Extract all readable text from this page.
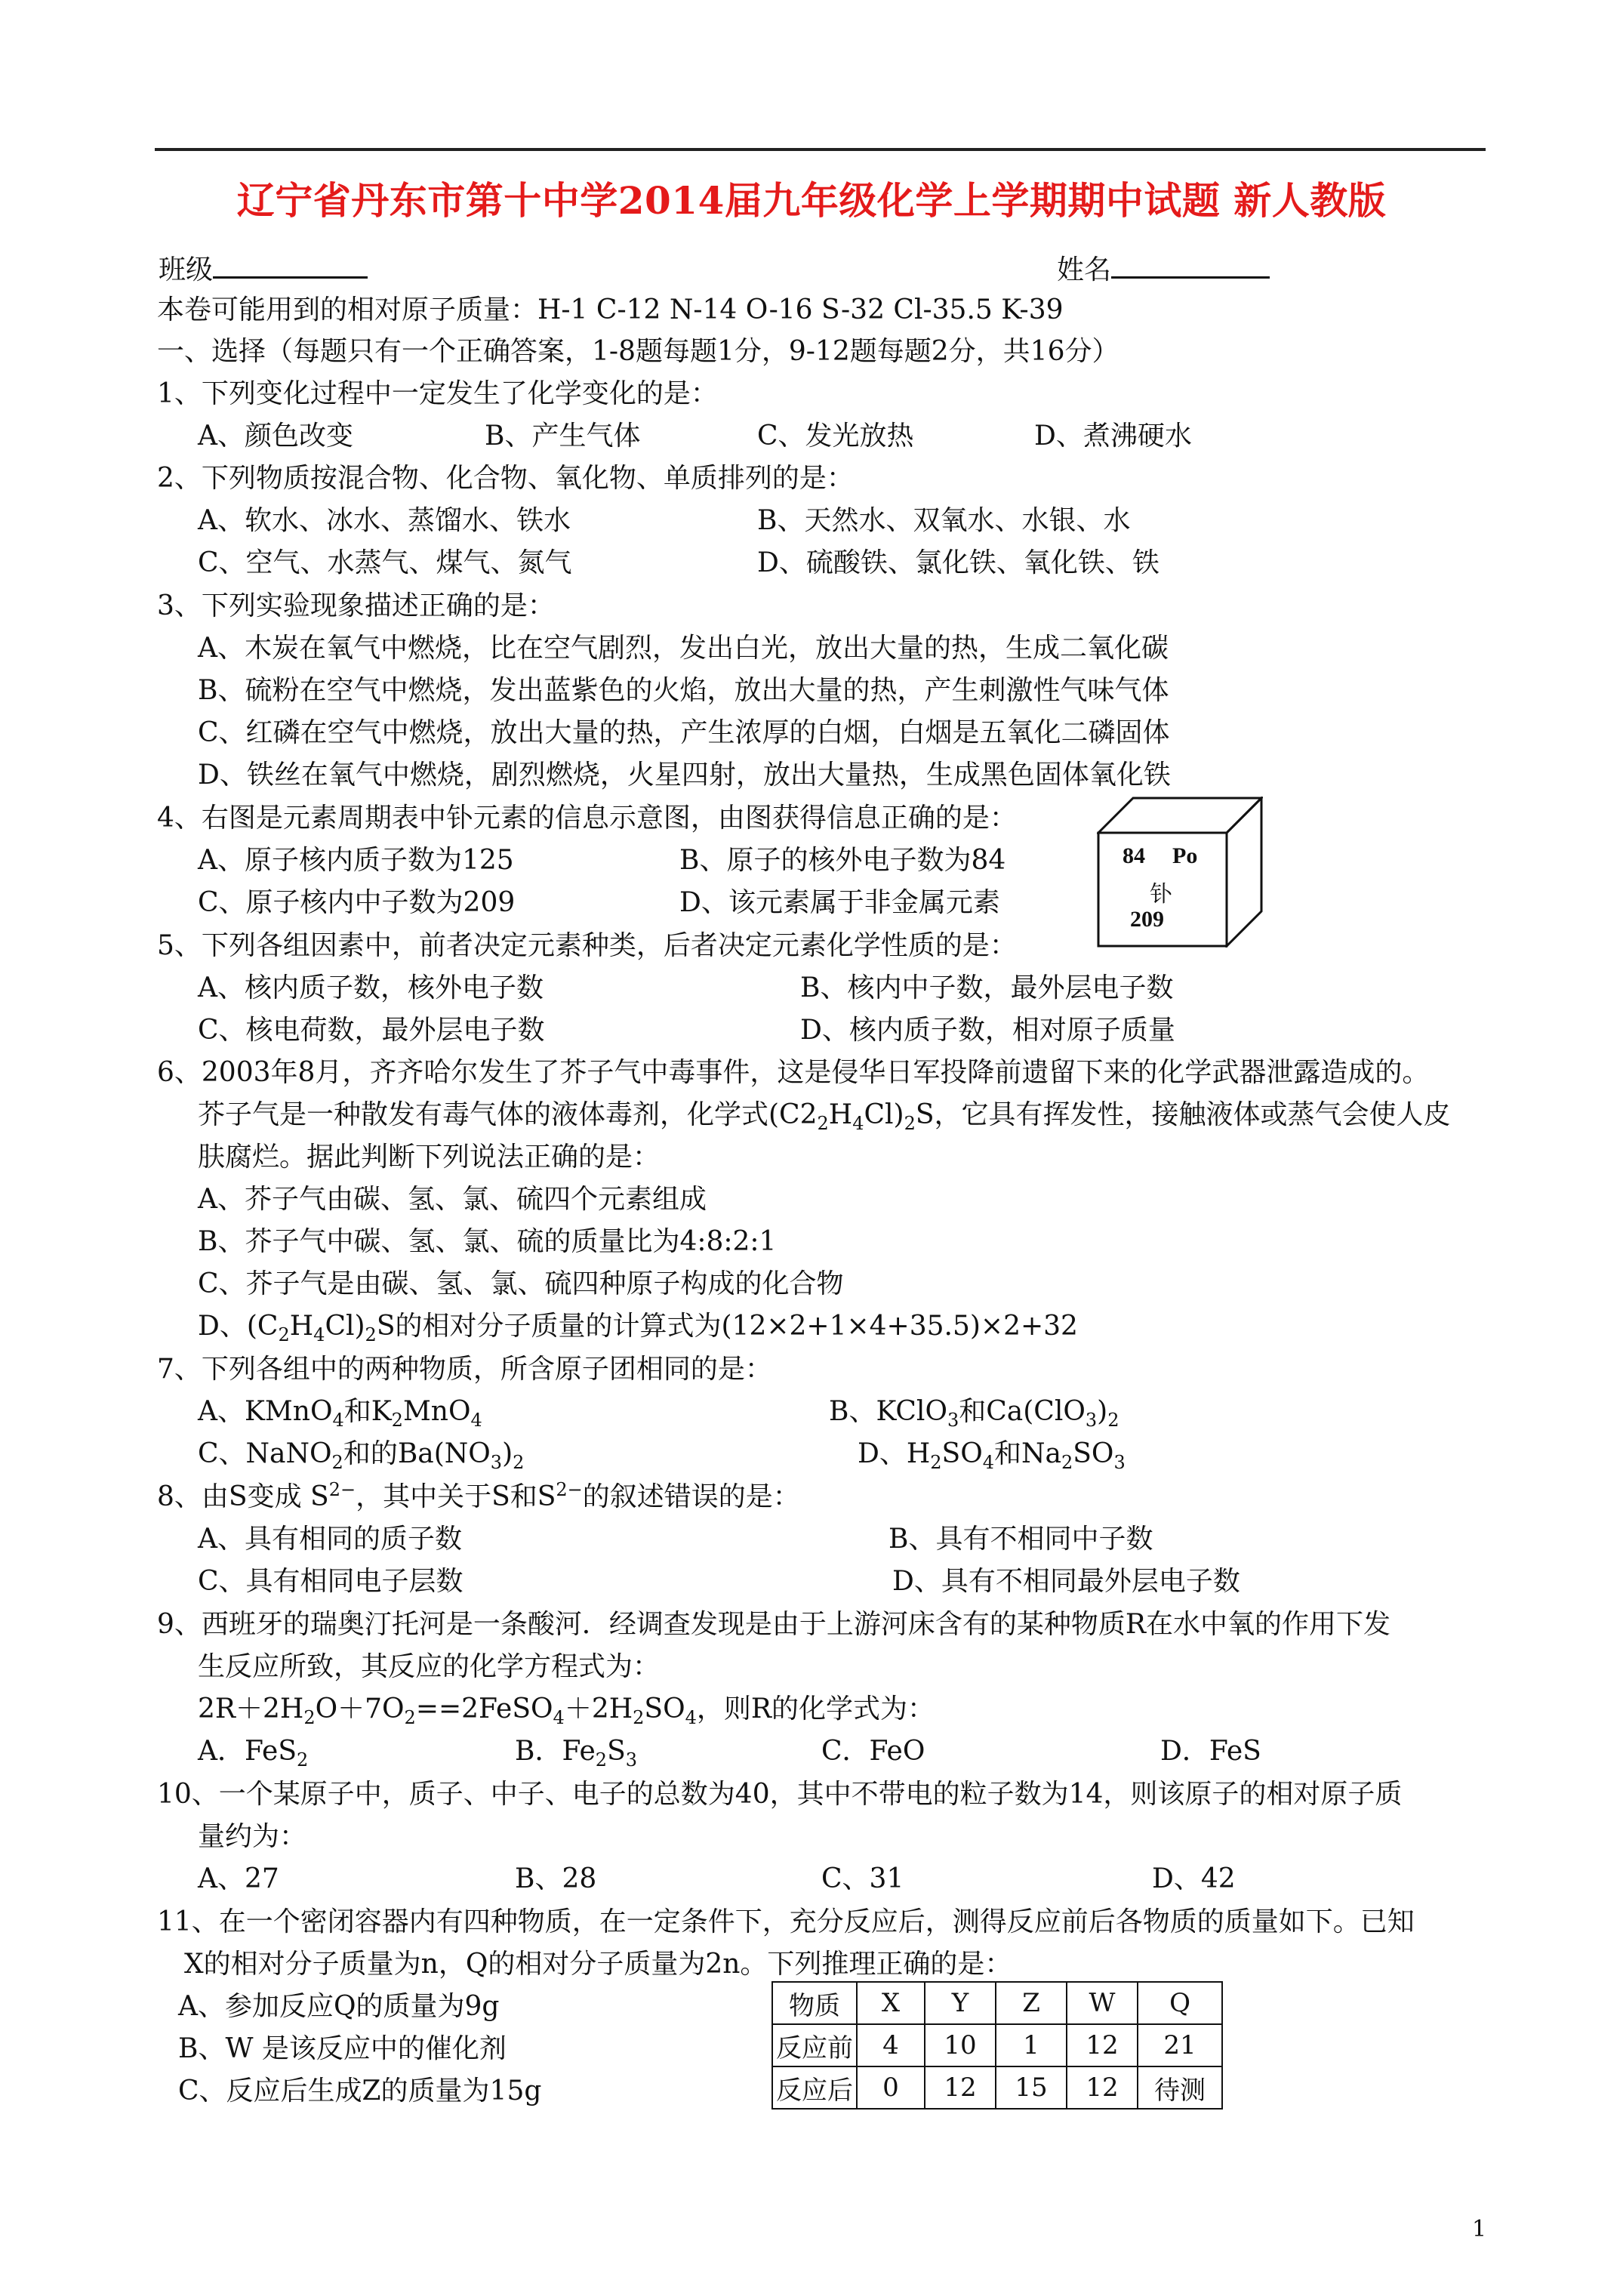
辽宁省丹东市第十中学2014届九年级化学上学期期中试题 新人教版
班级	姓名
本卷可能用到的相对原子质量：H-1 C-12 N-14 O-16 S-32 Cl-35.5 K-39
一、选择（每题只有一个正确答案，1-8题每题1分，9-12题每题2分，共16分）
1、下列变化过程中一定发生了化学变化的是：
A、颜色改变	B、产生气体	C、发光放热	D、煮沸硬水
2、下列物质按混合物、化合物、氧化物、单质排列的是：
A、软水、冰水、蒸馏水、铁水	B、天然水、双氧水、水银、水
C、空气、水蒸气、煤气、氮气	D、硫酸铁、氯化铁、氧化铁、铁
3、下列实验现象描述正确的是：
A、木炭在氧气中燃烧，比在空气剧烈，发出白光，放出大量的热，生成二氧化碳
B、硫粉在空气中燃烧，发出蓝紫色的火焰，放出大量的热，产生刺激性气味气体
C、红磷在空气中燃烧，放出大量的热，产生浓厚的白烟，白烟是五氧化二磷固体
D、铁丝在氧气中燃烧，剧烈燃烧，火星四射，放出大量热，生成黑色固体氧化铁
4、右图是元素周期表中钋元素的信息示意图，由图获得信息正确的是：
A、原子核内质子数为125	B、原子的核外电子数为84
C、原子核内中子数为209	D、该元素属于非金属元素
84 Po
钋
209
5、下列各组因素中，前者决定元素种类，后者决定元素化学性质的是：
A、核内质子数，核外电子数	B、核内中子数，最外层电子数
C、核电荷数，最外层电子数	D、核内质子数，相对原子质量
6、2003年8月，齐齐哈尔发生了芥子气中毒事件，这是侵华日军投降前遗留下来的化学武器泄露造成的。
芥子气是一种散发有毒气体的液体毒剂，化学式$(C2_2H_4Cl)_2S$，它具有挥发性，接触液体或蒸气会使人皮
肤腐烂。据此判断下列说法正确的是：
A、芥子气由碳、氢、氯、硫四个元素组成
B、芥子气中碳、氢、氯、硫的质量比为4:8:2:1
C、芥子气是由碳、氢、氯、硫四种原子构成的化合物
D、$(C_2H_4Cl)_2S$的相对分子质量的计算式为(12×2+1×4+35.5)×2+32
7、下列各组中的两种物质，所含原子团相同的是：
A、KMnO$_4$和$K_2MnO_4$	B、KClO$_3$和$Ca(ClO_3)_2$
C、NaNO$_2$和的$Ba(NO_3)_2$	D、$H_2SO_4$和$Na_2SO_3$
8、由S变成 $S^{2-}$，其中关于S和$S^{2-}$的叙述错误的是：
A、具有相同的质子数	B、具有不相同中子数
C、具有相同电子层数	D、具有不相同最外层电子数
9、西班牙的瑞奥汀托河是一条酸河．经调查发现是由于上游河床含有的某种物质R在水中氧的作用下发
生反应所致，其反应的化学方程式为：
$2R+2H_2O+7O_2==2FeSO_4+2H_2SO_4$，则R的化学式为：
A．FeS$_2$	B．$Fe_2S_3$	C．FeO	D．FeS
10、一个某原子中，质子、中子、电子的总数为40，其中不带电的粒子数为14，则该原子的相对原子质
量约为：
A、27	B、28	C、31	D、42
11、在一个密闭容器内有四种物质，在一定条件下，充分反应后，测得反应前后各物质的质量如下。已知
X的相对分子质量为n，Q的相对分子质量为2n。下列推理正确的是：
A、参加反应Q的质量为9g
B、W 是该反应中的催化剂
C、反应后生成Z的质量为15g
物质	X	Y	Z	W	Q
反应前	4	10	1	12	21
反应后	0	12	15	12	待测
1
